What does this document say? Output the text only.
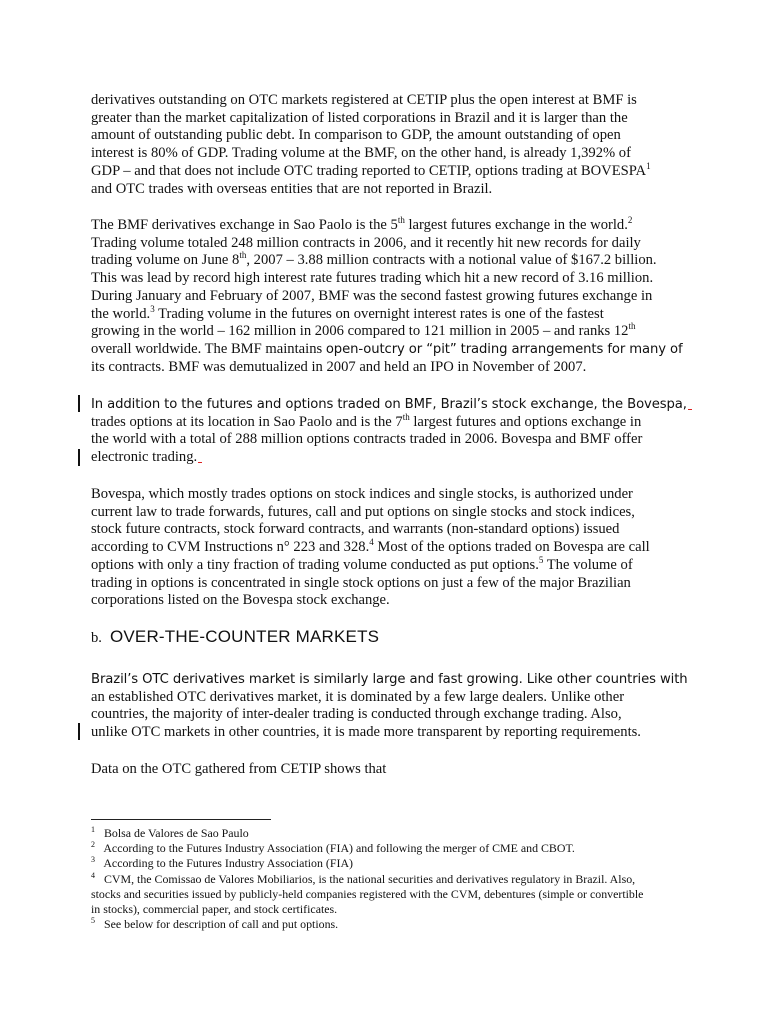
derivatives outstanding on OTC markets registered at CETIP plus the open interest at BMF is
greater than the market capitalization of listed corporations in Brazil and it is larger than the
amount of outstanding public debt. In comparison to GDP, the amount outstanding of open
interest is 80% of GDP. Trading volume at the BMF, on the other hand, is already 1,392% of
GDP – and that does not include OTC trading reported to CETIP, options trading at BOVESPA$^1$
and OTC trades with overseas entities that are not reported in Brazil.

The BMF derivatives exchange in Sao Paolo is the 5th largest futures exchange in the world.$^2$
Trading volume totaled 248 million contracts in 2006, and it recently hit new records for daily
trading volume on June 8th, 2007 – 3.88 million contracts with a notional value of $167.2 billion.
This was lead by record high interest rate futures trading which hit a new record of 3.16 million.
During January and February of 2007, BMF was the second fastest growing futures exchange in
the world.$^3$ Trading volume in the futures on overnight interest rates is one of the fastest
growing in the world – 162 million in 2006 compared to 121 million in 2005 – and ranks 12th
overall worldwide. The BMF maintains open-outcry or “pit” trading arrangements for many of
its contracts. BMF was demutualized in 2007 and held an IPO in November of 2007.

In addition to the futures and options traded on BMF, Brazil’s stock exchange, the Bovespa,
trades options at its location in Sao Paolo and is the 7th largest futures and options exchange in
the world with a total of 288 million options contracts traded in 2006. Bovespa and BMF offer
electronic trading.

Bovespa, which mostly trades options on stock indices and single stocks, is authorized under
current law to trade forwards, futures, call and put options on single stocks and stock indices,
stock future contracts, stock forward contracts, and warrants (non-standard options) issued
according to CVM Instructions n° 223 and 328.$^4$ Most of the options traded on Bovespa are call
options with only a tiny fraction of trading volume conducted as put options.$^5$ The volume of
trading in options is concentrated in single stock options on just a few of the major Brazilian
corporations listed on the Bovespa stock exchange.

b. OVER-THE-COUNTER MARKETS

Brazil’s OTC derivatives market is similarly large and fast growing. Like other countries with
an established OTC derivatives market, it is dominated by a few large dealers. Unlike other
countries, the majority of inter-dealer trading is conducted through exchange trading. Also,
unlike OTC markets in other countries, it is made more transparent by reporting requirements.

Data on the OTC gathered from CETIP shows that

$^1$ Bolsa de Valores de Sao Paulo
$^2$ According to the Futures Industry Association (FIA) and following the merger of CME and CBOT.
$^3$ According to the Futures Industry Association (FIA)
$^4$ CVM, the Comissao de Valores Mobiliarios, is the national securities and derivatives regulatory in Brazil. Also,
stocks and securities issued by publicly-held companies registered with the CVM, debentures (simple or convertible
in stocks), commercial paper, and stock certificates.
$^5$ See below for description of call and put options.
